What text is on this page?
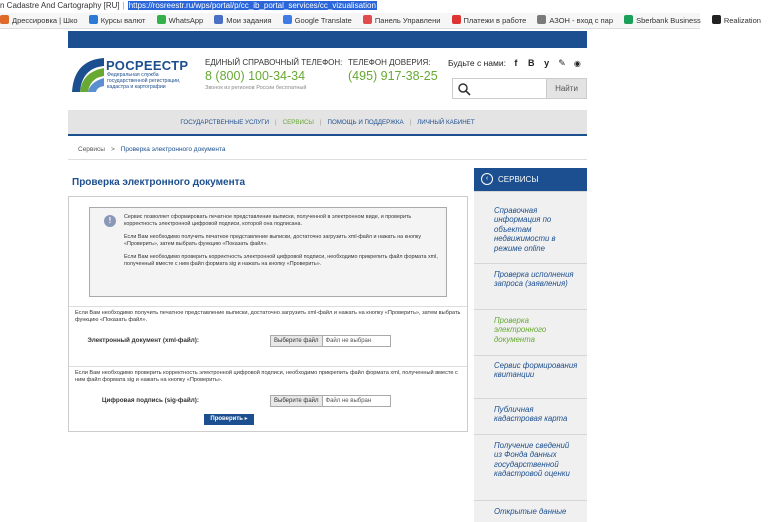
n Cadastre And Cartography [RU] | https://rosreestr.ru/wps/portal/p/cc_ib_portal_services/cc_vizualisation
Дрессировка | Шко	Курсы валют	WhatsApp	Мои задания	Google Translate	Панель Управлени	Платежи в работе	АЗОН - вход с пар	Sberbank Business	Realization
РОСРЕЕСТР
Федеральная служба государственной регистрации, кадастра и картографии
ЕДИНЫЙ СПРАВОЧНЫЙ ТЕЛЕФОН:
8 (800) 100-34-34
Звонок из регионов России бесплатный
ТЕЛЕФОН ДОВЕРИЯ:
(495) 917-38-25
Будьте с нами: f В y ✎ ◉
Найти
ГОСУДАРСТВЕННЫЕ УСЛУГИ | СЕРВИСЫ | ПОМОЩЬ И ПОДДЕРЖКА | ЛИЧНЫЙ КАБИНЕТ
Сервисы > Проверка электронного документа
Проверка электронного документа
!	Сервис позволяет сформировать печатное представление выписки, полученной в электронном виде, и проверить корректность электронной цифровой подписи, которой она подписана.

Если Вам необходимо получить печатное представление выписки, достаточно загрузить xml-файл и нажать на кнопку «Проверить», затем выбрать функцию «Показать файл».

Если Вам необходимо проверить корректность электронной цифровой подписи, необходимо прикрепить файл формата xml, полученный вместе с ним файл формата sig и нажать на кнопку «Проверить».

Если Вам необходимо получить печатное представление выписки, достаточно загрузить xml-файл и нажать на кнопку «Проверить», затем выбрать функцию «Показать файл».
Электронный документ (xml-файл):	Выберите файл Файл не выбран
Если Вам необходимо проверить корректность электронной цифровой подписи, необходимо прикрепить файл формата xml, полученный вместе с ним файл формата sig и нажать на кнопку «Проверить».
Цифровая подпись (sig-файл):	Выберите файл Файл не выбран
Проверить ▸
‹	СЕРВИСЫ
Справочная информация по объектам недвижимости в режиме online
Проверка исполнения запроса (заявления)
Проверка электронного документа
Сервис формирования квитанции
Публичная кадастровая карта
Получение сведений из Фонда данных государственной кадастровой оценки
Открытые данные
